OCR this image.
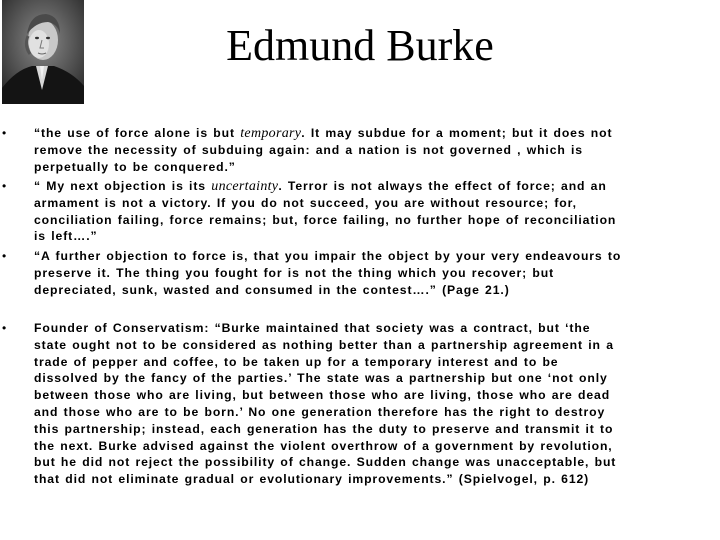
Edmund Burke
• “the use of force alone is but temporary. It may subdue for a moment; but it does not
remove the necessity of subduing again: and a nation is not governed , which is
perpetually to be conquered.”
• “ My next objection is its uncertainty. Terror is not always the effect of force; and an
armament is not a victory. If you do not succeed, you are without resource; for,
conciliation failing, force remains; but, force failing, no further hope of reconciliation
is left….”
• “A further objection to force is, that you impair the object by your very endeavours to
preserve it. The thing you fought for is not the thing which you recover; but
depreciated, sunk, wasted and consumed in the contest….” (Page 21.)
• Founder of Conservatism: “Burke maintained that society was a contract, but ‘the
state ought not to be considered as nothing better than a partnership agreement in a
trade of pepper and coffee, to be taken up for a temporary interest and to be
dissolved by the fancy of the parties.’ The state was a partnership but one ‘not only
between those who are living, but between those who are living, those who are dead
and those who are to be born.’ No one generation therefore has the right to destroy
this partnership; instead, each generation has the duty to preserve and transmit it to
the next. Burke advised against the violent overthrow of a government by revolution,
but he did not reject the possibility of change. Sudden change was unacceptable, but
that did not eliminate gradual or evolutionary improvements.” (Spielvogel, p. 612)
